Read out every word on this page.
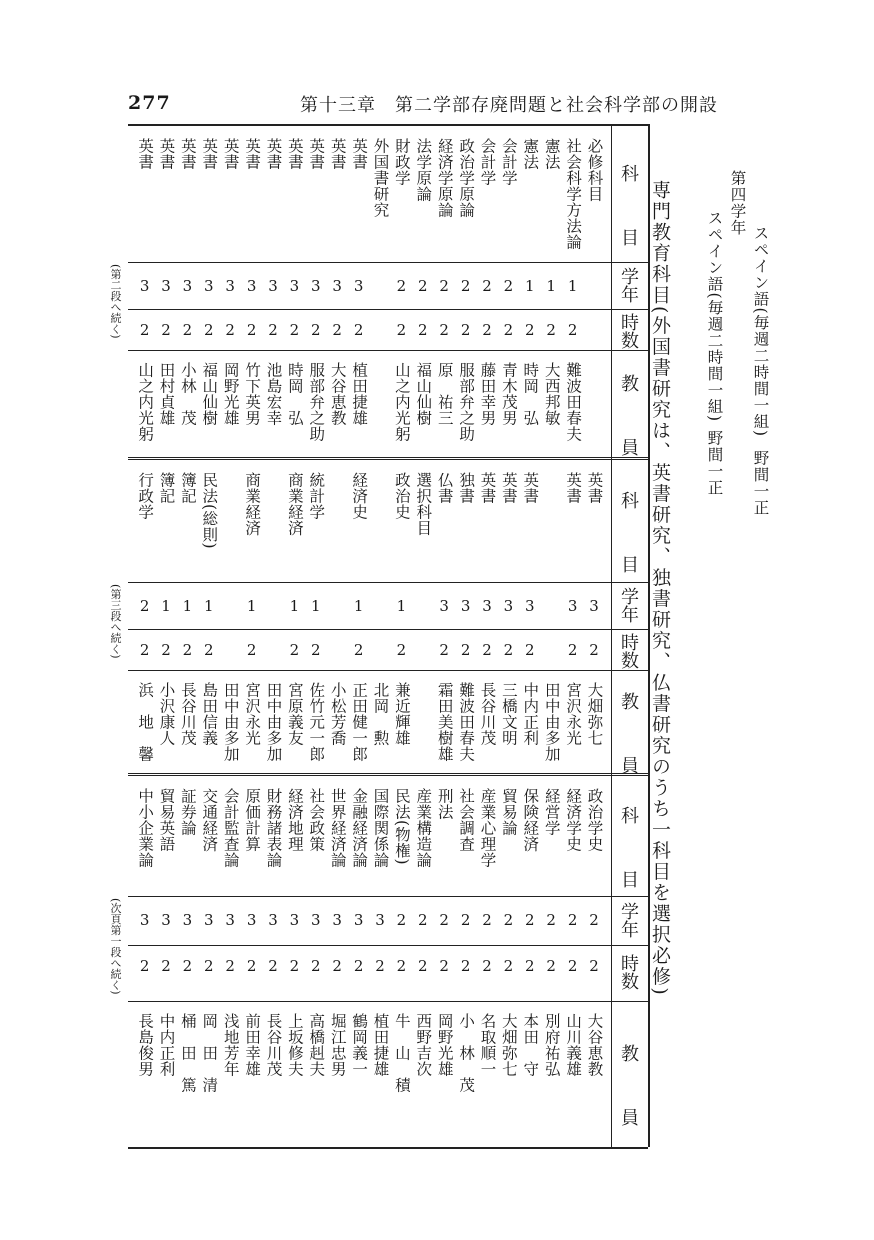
277	第十三章　第二学部存廃問題と社会科学部の開設
スペイン語(毎週二時間一組)
野間一正
第四学年
スペイン語(毎週二時間一組)
野間一正
専門教育科目(外国書研究は、英書研究、独書研究、仏書研究のうち一科目を選択必修)
科　目
学年
時数
教　員
(第二段へ続く)
必修科目
社会科学方法論
1
2
難波田春夫
憲法
1
2
大西邦敏
憲法
1
2
時岡　弘
会計学
2
2
青木茂男
会計学
2
2
藤田幸男
政治学原論
2
2
服部弁之助
経済学原論
2
2
原　祐三
法学原論
2
2
福山仙樹
財政学
2
2
山之内光躬
外国書研究
英書
3
2
植田捷雄
英書
3
2
大谷恵教
英書
3
2
服部弁之助
英書
3
2
時岡　弘
英書
3
2
池島宏幸
英書
3
2
竹下英男
英書
3
2
岡野光雄
英書
3
2
福山仙樹
英書
3
2
小林　茂
英書
3
2
田村貞雄
英書
3
2
山之内光躬
科　目
学年
時数
教　員
(第三段へ続く)
英書
3
2
大畑弥七
英書
3
2
宮沢永光
田中由多加
英書
3
2
中内正利
英書
3
2
三橋文明
英書
3
2
長谷川茂
独書
3
2
難波田春夫
仏書
3
2
霜田美樹雄
選択科目
政治史
1
2
兼近輝雄
北岡　勲
経済史
1
2
正田健一郎
小松芳喬
統計学
1
2
佐竹元一郎
商業経済
1
2
宮原義友
田中由多加
商業経済
1
2
宮沢永光
田中由多加
民法(総則)
1
2
島田信義
簿記
1
2
長谷川茂
簿記
1
2
小沢康人
行政学
2
2
浜　地　馨
科　目
学年
時数
教　員
(次頁第一段へ続く)
政治学史
2
2
大谷恵教
経済学史
2
2
山川義雄
経営学
2
2
別府祐弘
保険経済
2
2
本田　守
貿易論
2
2
大畑弥七
産業心理学
2
2
名取順一
社会調査
2
2
小　林　茂
刑法
2
2
岡野光雄
産業構造論
2
2
西野吉次
民法(物権)
2
2
牛　山　積
国際関係論
3
2
植田捷雄
金融経済論
3
2
鶴岡義一
世界経済論
3
2
堀江忠男
社会政策
3
2
高橋赳夫
経済地理
3
2
上坂修夫
財務諸表論
3
2
長谷川茂
原価計算
3
2
前田幸雄
会計監査論
3
2
浅地芳年
交通経済
3
2
岡　田　清
証券論
3
2
桶　田　篤
貿易英語
3
2
中内正利
中小企業論
3
2
長島俊男
